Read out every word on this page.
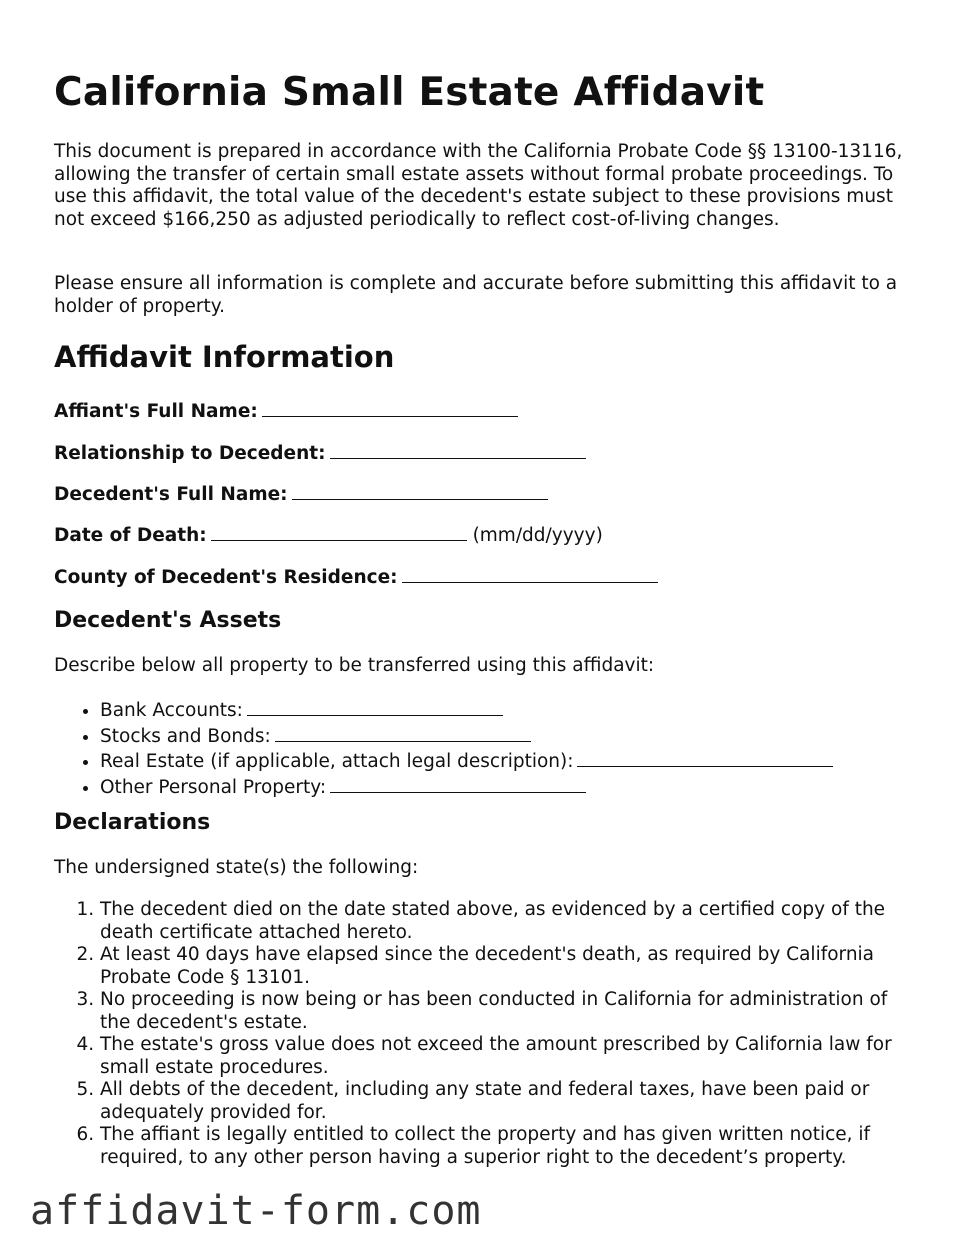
California Small Estate Affidavit

This document is prepared in accordance with the California Probate Code §§ 13100-13116, allowing the transfer of certain small estate assets without formal probate proceedings. To use this affidavit, the total value of the decedent's estate subject to these provisions must not exceed $166,250 as adjusted periodically to reflect cost-of-living changes.

Please ensure all information is complete and accurate before submitting this affidavit to a holder of property.

Affidavit Information
Affiant's Full Name:
Relationship to Decedent:
Decedent's Full Name:
Date of Death:	(mm/dd/yyyy)
County of Decedent's Residence:
Decedent's Assets

Describe below all property to be transferred using this affidavit:

• Bank Accounts:
• Stocks and Bonds:
• Real Estate (if applicable, attach legal description):
• Other Personal Property:
Declarations

The undersigned state(s) the following:

1. The decedent died on the date stated above, as evidenced by a certified copy of the death certificate attached hereto.
2. At least 40 days have elapsed since the decedent's death, as required by California Probate Code § 13101.
3. No proceeding is now being or has been conducted in California for administration of the decedent's estate.
4. The estate's gross value does not exceed the amount prescribed by California law for small estate procedures.
5. All debts of the decedent, including any state and federal taxes, have been paid or adequately provided for.
6. The affiant is legally entitled to collect the property and has given written notice, if required, to any other person having a superior right to the decedent’s property.
affidavit-form.com
